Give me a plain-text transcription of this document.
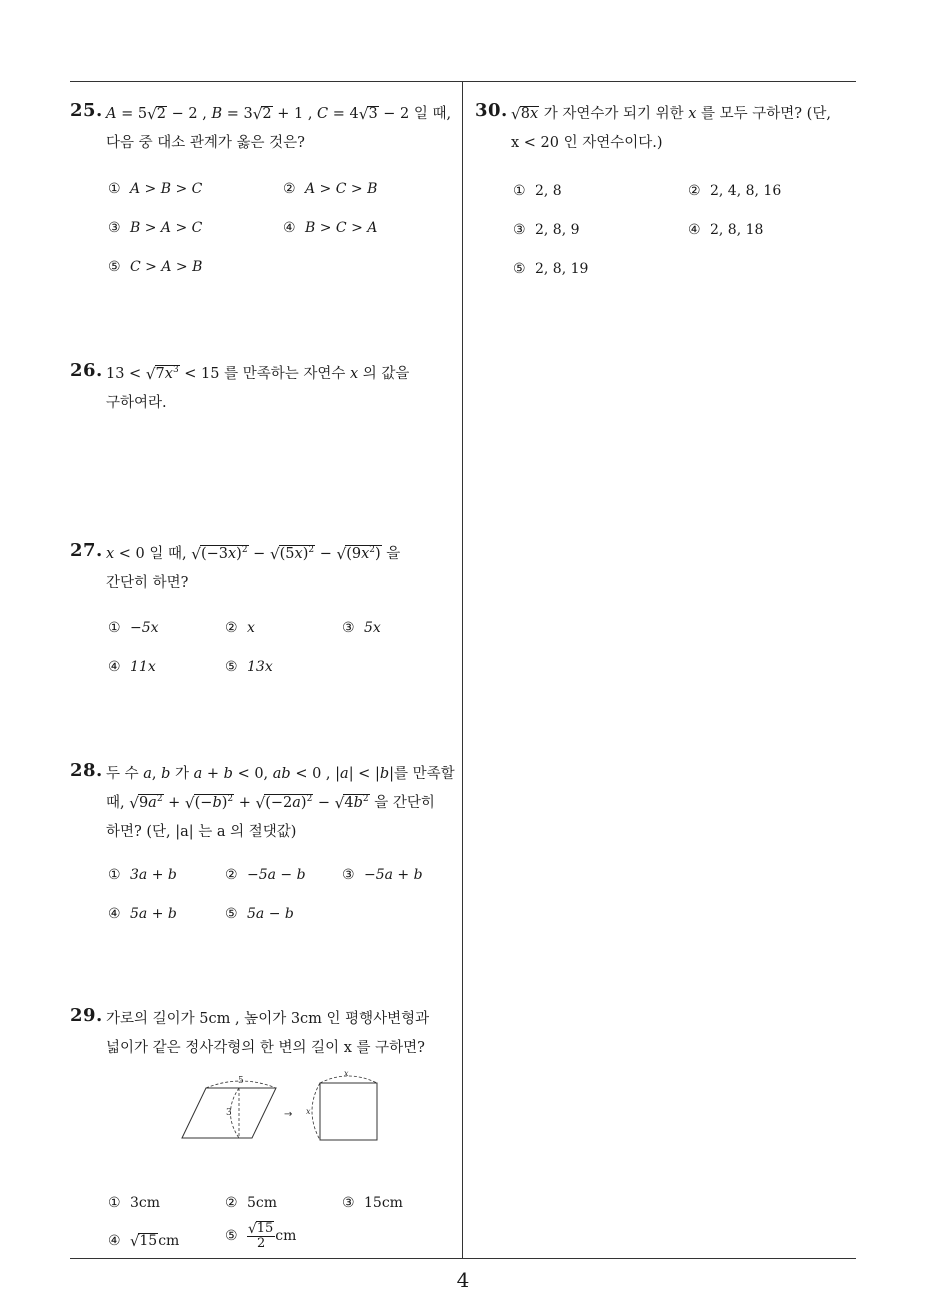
25. A = 5√2 − 2 , B = 3√2 + 1 , C = 4√3 − 2 일 때,
다음 중 대소 관계가 옳은 것은?
① A > B > C	② A > C > B
③ B > A > C	④ B > C > A
⑤ C > A > B
26. $13 < √7x^3 < 15$ 를 만족하는 자연수 x 의 값을
구하여라.
27. x < 0 일 때, $√(-3x)^2 - √(5x)^2 - √(9x^2)$ 을
간단히 하면?
① −5x	② x	③ 5x
④ 11x	⑤ 13x
28. 두 수 a, b 가 a + b < 0, ab < 0 , |a| < |b|를 만족할
때, $√9a^2 + √(-b)^2 + √(-2a)^2 - √4b^2$ 을 간단히
하면? (단, |a| 는 a 의 절댓값)
① 3a + b	② −5a − b	③ −5a + b
④ 5a + b	⑤ 5a − b
29. 가로의 길이가 5cm , 높이가 3cm 인 평행사변형과
넓이가 같은 정사각형의 한 변의 길이 x 를 구하면?
5
3	→
x
x
① 3cm	② 5cm	③ 15cm
④ √15cm	⑤ $\frac{√15}{2}$ cm
30. √8x 가 자연수가 되기 위한 x 를 모두 구하면? (단,
x < 20 인 자연수이다.)
① 2, 8	② 2, 4, 8, 16
③ 2, 8, 9	④ 2, 8, 18
⑤ 2, 8, 19
4
